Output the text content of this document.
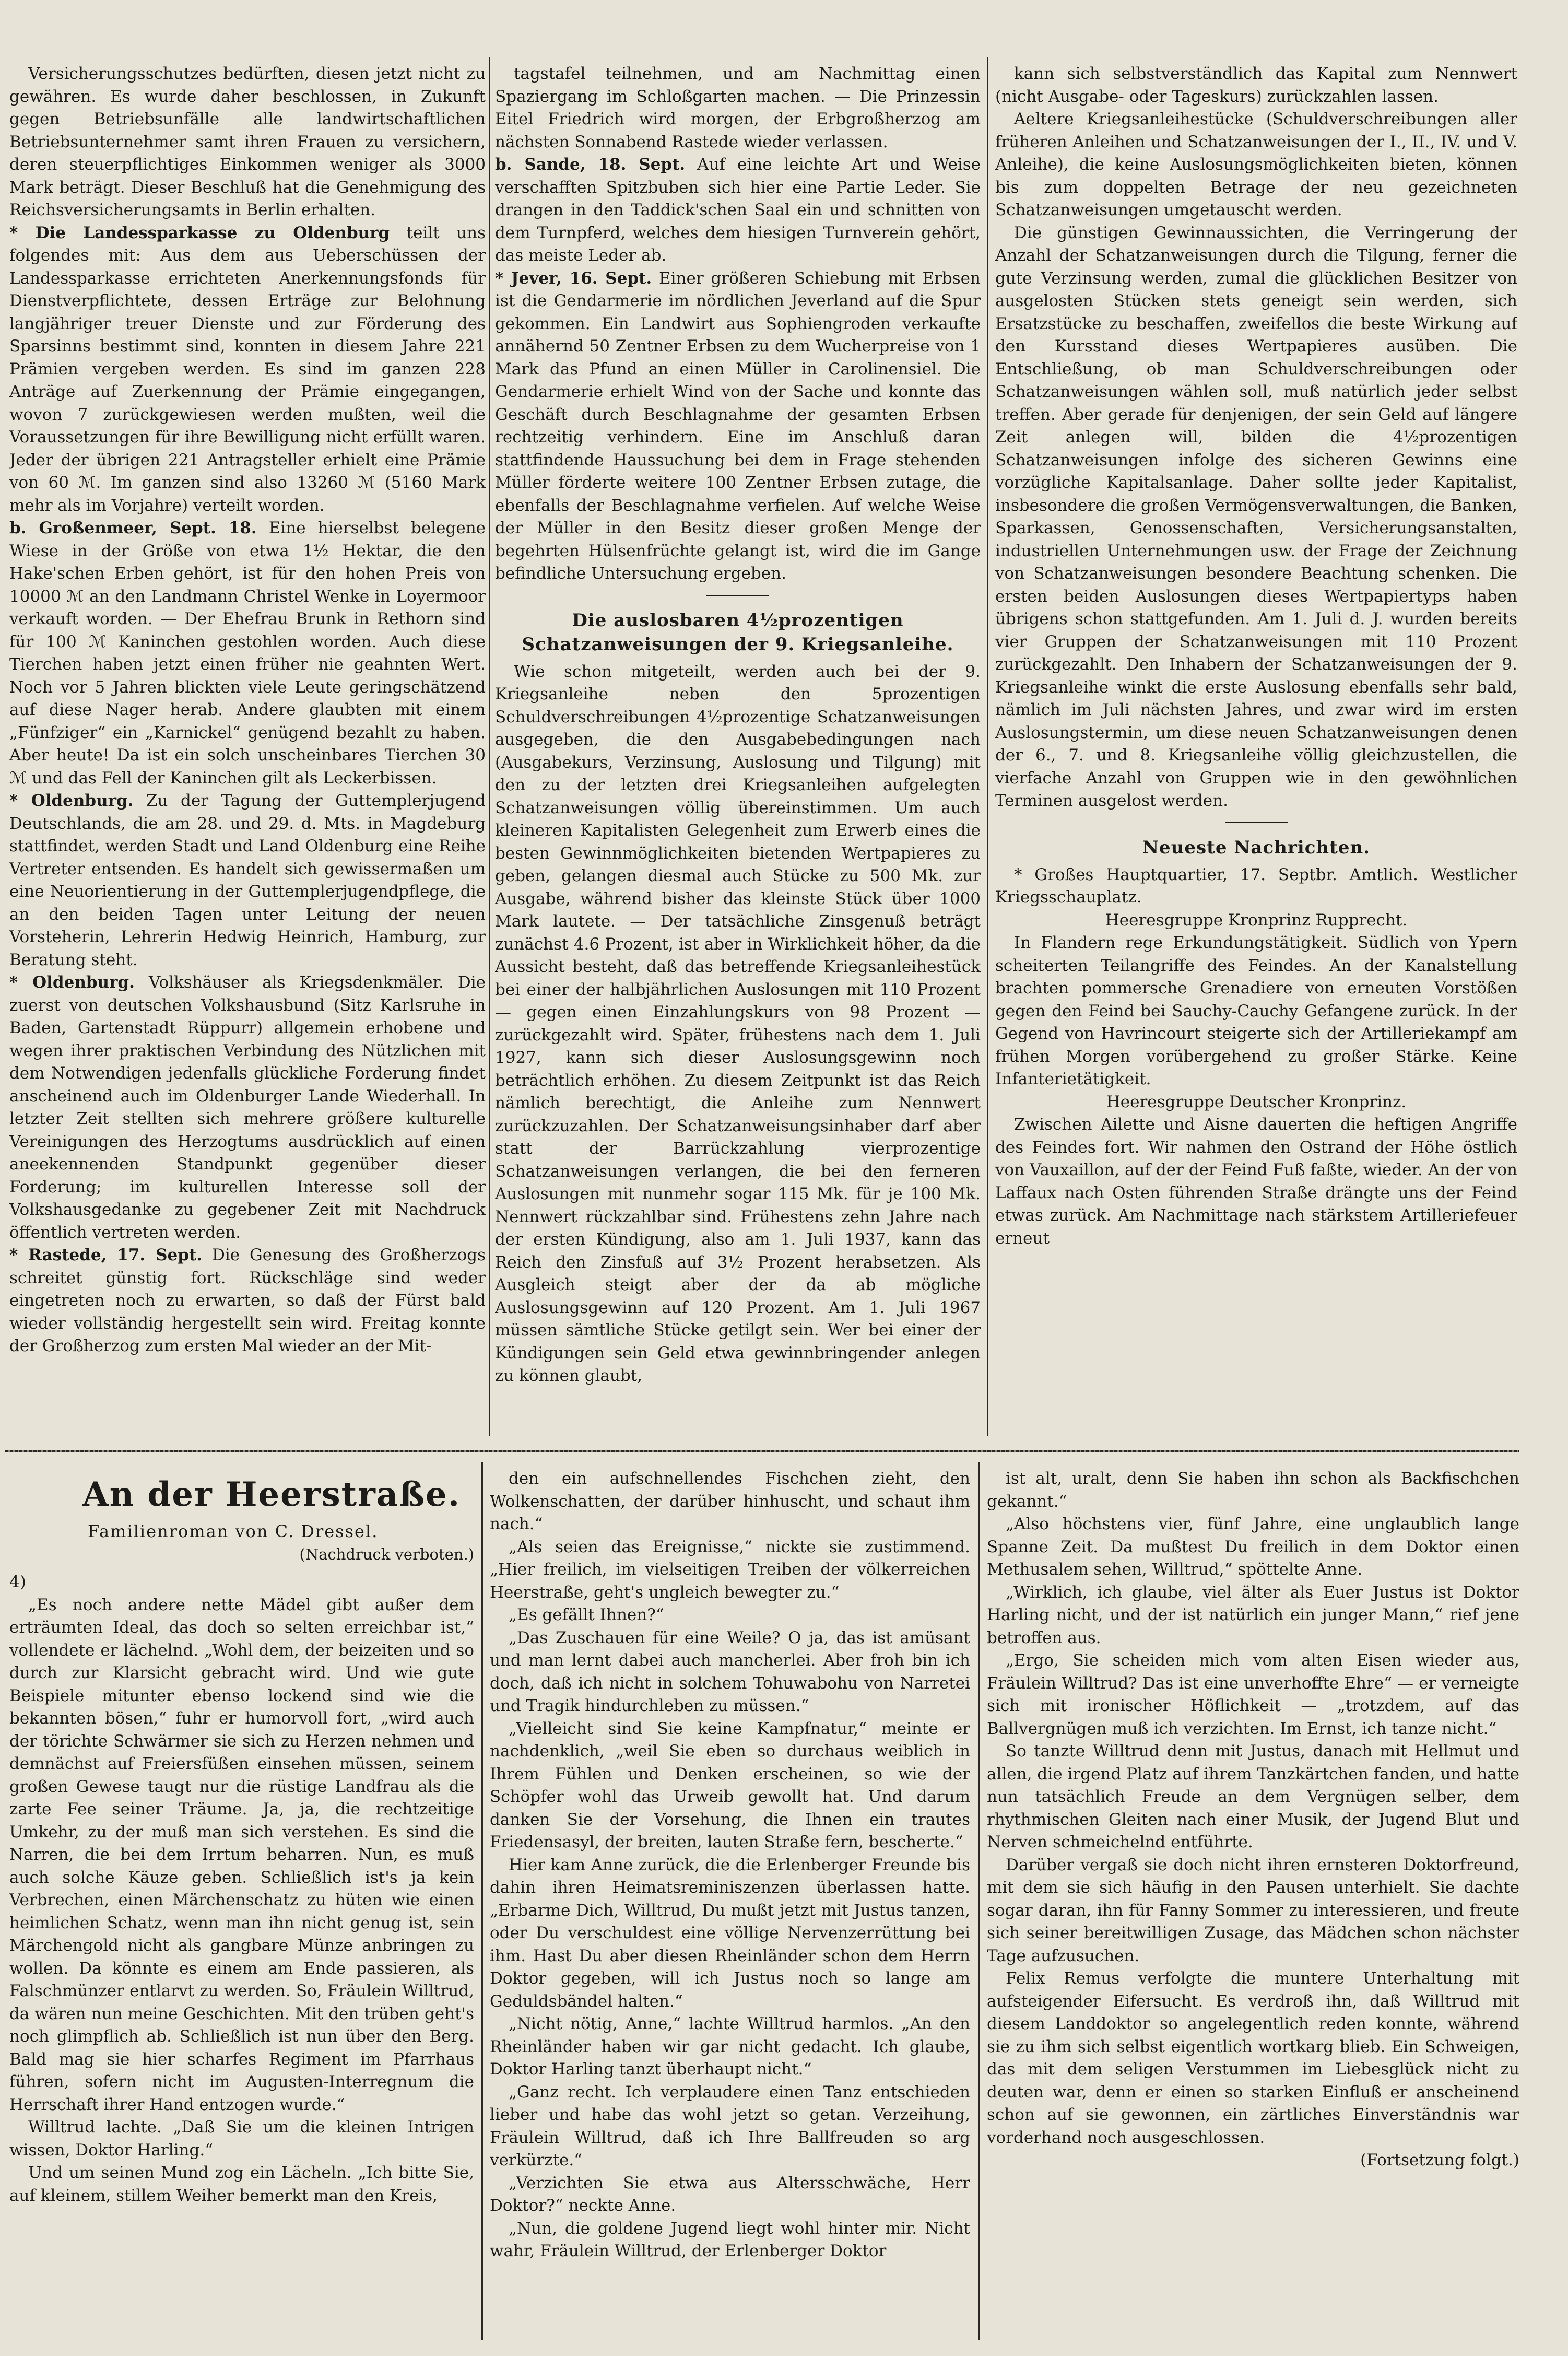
Versicherungsschutzes bedürften, diesen jetzt nicht zu gewähren. Es wurde daher beschlossen, in Zukunft gegen Betriebsunfälle alle landwirtschaftlichen Betriebsunternehmer samt ihren Frauen zu versichern, deren steuerpflichtiges Einkommen weniger als 3000 Mark beträgt. Dieser Beschluß hat die Genehmigung des Reichsversicherungsamts in Berlin erhalten.

* Die Landessparkasse zu Oldenburg teilt uns folgendes mit: Aus dem aus Ueberschüssen der Landessparkasse errichteten Anerkennungsfonds für Dienstverpflichtete, dessen Erträge zur Belohnung langjähriger treuer Dienste und zur Förderung des Sparsinns bestimmt sind, konnten in diesem Jahre 221 Prämien vergeben werden. Es sind im ganzen 228 Anträge auf Zuerkennung der Prämie eingegangen, wovon 7 zurückgewiesen werden mußten, weil die Voraussetzungen für ihre Bewilligung nicht erfüllt waren. Jeder der übrigen 221 Antragsteller erhielt eine Prämie von 60 ℳ. Im ganzen sind also 13260 ℳ (5160 Mark mehr als im Vorjahre) verteilt worden.

b. Großenmeer, Sept. 18. Eine hierselbst belegene Wiese in der Größe von etwa 1½ Hektar, die den Hake'schen Erben gehört, ist für den hohen Preis von 10000 ℳ an den Landmann Christel Wenke in Loyermoor verkauft worden. — Der Ehefrau Brunk in Rethorn sind für 100 ℳ Kaninchen gestohlen worden. Auch diese Tierchen haben jetzt einen früher nie geahnten Wert. Noch vor 5 Jahren blickten viele Leute geringschätzend auf diese Nager herab. Andere glaubten mit einem „Fünfziger“ ein „Karnickel“ genügend bezahlt zu haben. Aber heute! Da ist ein solch unscheinbares Tierchen 30 ℳ und das Fell der Kaninchen gilt als Leckerbissen.

* Oldenburg. Zu der Tagung der Guttemplerjugend Deutschlands, die am 28. und 29. d. Mts. in Magdeburg stattfindet, werden Stadt und Land Oldenburg eine Reihe Vertreter entsenden. Es handelt sich gewissermaßen um eine Neuorientierung in der Guttemplerjugendpflege, die an den beiden Tagen unter Leitung der neuen Vorsteherin, Lehrerin Hedwig Heinrich, Hamburg, zur Beratung steht.

* Oldenburg. Volkshäuser als Kriegsdenkmäler. Die zuerst von deutschen Volkshausbund (Sitz Karlsruhe in Baden, Gartenstadt Rüppurr) allgemein erhobene und wegen ihrer praktischen Verbindung des Nützlichen mit dem Notwendigen jedenfalls glückliche Forderung findet anscheinend auch im Oldenburger Lande Wiederhall. In letzter Zeit stellten sich mehrere größere kulturelle Vereinigungen des Herzogtums ausdrücklich auf einen aneekennenden Standpunkt gegenüber dieser Forderung; im kulturellen Interesse soll der Volkshausgedanke zu gegebener Zeit mit Nachdruck öffentlich vertreten werden.

* Rastede, 17. Sept. Die Genesung des Großherzogs schreitet günstig fort. Rückschläge sind weder eingetreten noch zu erwarten, so daß der Fürst bald wieder vollständig hergestellt sein wird. Freitag konnte der Großherzog zum ersten Mal wieder an der Mit-

tagstafel teilnehmen, und am Nachmittag einen Spaziergang im Schloßgarten machen. — Die Prinzessin Eitel Friedrich wird morgen, der Erbgroßherzog am nächsten Sonnabend Rastede wieder verlassen.

b. Sande, 18. Sept. Auf eine leichte Art und Weise verschafften Spitzbuben sich hier eine Partie Leder. Sie drangen in den Taddick'schen Saal ein und schnitten von dem Turnpferd, welches dem hiesigen Turnverein gehört, das meiste Leder ab.

* Jever, 16. Sept. Einer größeren Schiebung mit Erbsen ist die Gendarmerie im nördlichen Jeverland auf die Spur gekommen. Ein Landwirt aus Sophiengroden verkaufte annähernd 50 Zentner Erbsen zu dem Wucherpreise von 1 Mark das Pfund an einen Müller in Carolinensiel. Die Gendarmerie erhielt Wind von der Sache und konnte das Geschäft durch Beschlagnahme der gesamten Erbsen rechtzeitig verhindern. Eine im Anschluß daran stattfindende Haussuchung bei dem in Frage stehenden Müller förderte weitere 100 Zentner Erbsen zutage, die ebenfalls der Beschlagnahme verfielen. Auf welche Weise der Müller in den Besitz dieser großen Menge der begehrten Hülsenfrüchte gelangt ist, wird die im Gange befindliche Untersuchung ergeben.

Die auslosbaren 4½prozentigen Schatzanweisungen der 9. Kriegsanleihe.

Wie schon mitgeteilt, werden auch bei der 9. Kriegsanleihe neben den 5prozentigen Schuldverschreibungen 4½prozentige Schatzanweisungen ausgegeben, die den Ausgabebedingungen nach (Ausgabekurs, Verzinsung, Auslosung und Tilgung) mit den zu der letzten drei Kriegsanleihen aufgelegten Schatzanweisungen völlig übereinstimmen. Um auch kleineren Kapitalisten Gelegenheit zum Erwerb eines die besten Gewinnmöglichkeiten bietenden Wertpapieres zu geben, gelangen diesmal auch Stücke zu 500 Mk. zur Ausgabe, während bisher das kleinste Stück über 1000 Mark lautete. — Der tatsächliche Zinsgenuß beträgt zunächst 4.6 Prozent, ist aber in Wirklichkeit höher, da die Aussicht besteht, daß das betreffende Kriegsanleihestück bei einer der halbjährlichen Auslosungen mit 110 Prozent — gegen einen Einzahlungskurs von 98 Prozent — zurückgezahlt wird. Später, frühestens nach dem 1. Juli 1927, kann sich dieser Auslosungsgewinn noch beträchtlich erhöhen. Zu diesem Zeitpunkt ist das Reich nämlich berechtigt, die Anleihe zum Nennwert zurückzuzahlen. Der Schatzanweisungsinhaber darf aber statt der Barrückzahlung vierprozentige Schatzanweisungen verlangen, die bei den ferneren Auslosungen mit nunmehr sogar 115 Mk. für je 100 Mk. Nennwert rückzahlbar sind. Frühestens zehn Jahre nach der ersten Kündigung, also am 1. Juli 1937, kann das Reich den Zinsfuß auf 3½ Prozent herabsetzen. Als Ausgleich steigt aber der da ab mögliche Auslosungsgewinn auf 120 Prozent. Am 1. Juli 1967 müssen sämtliche Stücke getilgt sein. Wer bei einer der Kündigungen sein Geld etwa gewinnbringender anlegen zu können glaubt,

kann sich selbstverständlich das Kapital zum Nennwert (nicht Ausgabe- oder Tageskurs) zurückzahlen lassen.

Aeltere Kriegsanleihestücke (Schuldverschreibungen aller früheren Anleihen und Schatzanweisungen der I., II., IV. und V. Anleihe), die keine Auslosungsmöglichkeiten bieten, können bis zum doppelten Betrage der neu gezeichneten Schatzanweisungen umgetauscht werden.

Die günstigen Gewinnaussichten, die Verringerung der Anzahl der Schatzanweisungen durch die Tilgung, ferner die gute Verzinsung werden, zumal die glücklichen Besitzer von ausgelosten Stücken stets geneigt sein werden, sich Ersatzstücke zu beschaffen, zweifellos die beste Wirkung auf den Kursstand dieses Wertpapieres ausüben. Die Entschließung, ob man Schuldverschreibungen oder Schatzanweisungen wählen soll, muß natürlich jeder selbst treffen. Aber gerade für denjenigen, der sein Geld auf längere Zeit anlegen will, bilden die 4½prozentigen Schatzanweisungen infolge des sicheren Gewinns eine vorzügliche Kapitalsanlage. Daher sollte jeder Kapitalist, insbesondere die großen Vermögensverwaltungen, die Banken, Sparkassen, Genossenschaften, Versicherungsanstalten, industriellen Unternehmungen usw. der Frage der Zeichnung von Schatzanweisungen besondere Beachtung schenken. Die ersten beiden Auslosungen dieses Wertpapiertyps haben übrigens schon stattgefunden. Am 1. Juli d. J. wurden bereits vier Gruppen der Schatzanweisungen mit 110 Prozent zurückgezahlt. Den Inhabern der Schatzanweisungen der 9. Kriegsanleihe winkt die erste Auslosung ebenfalls sehr bald, nämlich im Juli nächsten Jahres, und zwar wird im ersten Auslosungstermin, um diese neuen Schatzanweisungen denen der 6., 7. und 8. Kriegsanleihe völlig gleichzustellen, die vierfache Anzahl von Gruppen wie in den gewöhnlichen Terminen ausgelost werden.

Neueste Nachrichten.

* Großes Hauptquartier, 17. Septbr. Amtlich. Westlicher Kriegsschauplatz.

Heeresgruppe Kronprinz Rupprecht.

In Flandern rege Erkundungstätigkeit. Südlich von Ypern scheiterten Teilangriffe des Feindes. An der Kanalstellung brachten pommersche Grenadiere von erneuten Vorstößen gegen den Feind bei Sauchy-Cauchy Gefangene zurück. In der Gegend von Havrincourt steigerte sich der Artilleriekampf am frühen Morgen vorübergehend zu großer Stärke. Keine Infanterietätigkeit.

Heeresgruppe Deutscher Kronprinz.

Zwischen Ailette und Aisne dauerten die heftigen Angriffe des Feindes fort. Wir nahmen den Ostrand der Höhe östlich von Vauxaillon, auf der der Feind Fuß faßte, wieder. An der von Laffaux nach Osten führenden Straße drängte uns der Feind etwas zurück. Am Nachmittage nach stärkstem Artilleriefeuer erneut

An der Heerstraße.
Familienroman von C. Dressel.
(Nachdruck verboten.)
4)

„Es noch andere nette Mädel gibt außer dem erträumten Ideal, das doch so selten erreichbar ist,“ vollendete er lächelnd. „Wohl dem, der beizeiten und so durch zur Klarsicht gebracht wird. Und wie gute Beispiele mitunter ebenso lockend sind wie die bekannten bösen,“ fuhr er humorvoll fort, „wird auch der törichte Schwärmer sie sich zu Herzen nehmen und demnächst auf Freiersfüßen einsehen müssen, seinem großen Gewese taugt nur die rüstige Landfrau als die zarte Fee seiner Träume. Ja, ja, die rechtzeitige Umkehr, zu der muß man sich verstehen. Es sind die Narren, die bei dem Irrtum beharren. Nun, es muß auch solche Käuze geben. Schließlich ist's ja kein Verbrechen, einen Märchenschatz zu hüten wie einen heimlichen Schatz, wenn man ihn nicht genug ist, sein Märchengold nicht als gangbare Münze anbringen zu wollen. Da könnte es einem am Ende passieren, als Falschmünzer entlarvt zu werden. So, Fräulein Willtrud, da wären nun meine Geschichten. Mit den trüben geht's noch glimpflich ab. Schließlich ist nun über den Berg. Bald mag sie hier scharfes Regiment im Pfarrhaus führen, sofern nicht im Augusten-Interregnum die Herrschaft ihrer Hand entzogen wurde.“

Willtrud lachte. „Daß Sie um die kleinen Intrigen wissen, Doktor Harling.“

Und um seinen Mund zog ein Lächeln. „Ich bitte Sie, auf kleinem, stillem Weiher bemerkt man den Kreis,

den ein aufschnellendes Fischchen zieht, den Wolkenschatten, der darüber hinhuscht, und schaut ihm nach.“

„Als seien das Ereignisse,“ nickte sie zustimmend. „Hier freilich, im vielseitigen Treiben der völkerreichen Heerstraße, geht's ungleich bewegter zu.“

„Es gefällt Ihnen?“

„Das Zuschauen für eine Weile? O ja, das ist amüsant und man lernt dabei auch mancherlei. Aber froh bin ich doch, daß ich nicht in solchem Tohuwabohu von Narretei und Tragik hindurchleben zu müssen.“

„Vielleicht sind Sie keine Kampfnatur,“ meinte er nachdenklich, „weil Sie eben so durchaus weiblich in Ihrem Fühlen und Denken erscheinen, so wie der Schöpfer wohl das Urweib gewollt hat. Und darum danken Sie der Vorsehung, die Ihnen ein trautes Friedensasyl, der breiten, lauten Straße fern, bescherte.“

Hier kam Anne zurück, die die Erlenberger Freunde bis dahin ihren Heimatsreminiszenzen überlassen hatte. „Erbarme Dich, Willtrud, Du mußt jetzt mit Justus tanzen, oder Du verschuldest eine völlige Nervenzerrüttung bei ihm. Hast Du aber diesen Rheinländer schon dem Herrn Doktor gegeben, will ich Justus noch so lange am Geduldsbändel halten.“

„Nicht nötig, Anne,“ lachte Willtrud harmlos. „An den Rheinländer haben wir gar nicht gedacht. Ich glaube, Doktor Harling tanzt überhaupt nicht.“

„Ganz recht. Ich verplaudere einen Tanz entschieden lieber und habe das wohl jetzt so getan. Verzeihung, Fräulein Willtrud, daß ich Ihre Ballfreuden so arg verkürzte.“

„Verzichten Sie etwa aus Altersschwäche, Herr Doktor?“ neckte Anne.

„Nun, die goldene Jugend liegt wohl hinter mir. Nicht wahr, Fräulein Willtrud, der Erlenberger Doktor

ist alt, uralt, denn Sie haben ihn schon als Backfischchen gekannt.“

„Also höchstens vier, fünf Jahre, eine unglaublich lange Spanne Zeit. Da mußtest Du freilich in dem Doktor einen Methusalem sehen, Willtrud,“ spöttelte Anne.

„Wirklich, ich glaube, viel älter als Euer Justus ist Doktor Harling nicht, und der ist natürlich ein junger Mann,“ rief jene betroffen aus.

„Ergo, Sie scheiden mich vom alten Eisen wieder aus, Fräulein Willtrud? Das ist eine unverhoffte Ehre“ — er verneigte sich mit ironischer Höflichkeit — „trotzdem, auf das Ballvergnügen muß ich verzichten. Im Ernst, ich tanze nicht.“

So tanzte Willtrud denn mit Justus, danach mit Hellmut und allen, die irgend Platz auf ihrem Tanzkärtchen fanden, und hatte nun tatsächlich Freude an dem Vergnügen selber, dem rhythmischen Gleiten nach einer Musik, der Jugend Blut und Nerven schmeichelnd entführte.

Darüber vergaß sie doch nicht ihren ernsteren Doktorfreund, mit dem sie sich häufig in den Pausen unterhielt. Sie dachte sogar daran, ihn für Fanny Sommer zu interessieren, und freute sich seiner bereitwilligen Zusage, das Mädchen schon nächster Tage aufzusuchen.

Felix Remus verfolgte die muntere Unterhaltung mit aufsteigender Eifersucht. Es verdroß ihn, daß Willtrud mit diesem Landdoktor so angelegentlich reden konnte, während sie zu ihm sich selbst eigentlich wortkarg blieb. Ein Schweigen, das mit dem seligen Verstummen im Liebesglück nicht zu deuten war, denn er einen so starken Einfluß er anscheinend schon auf sie gewonnen, ein zärtliches Einverständnis war vorderhand noch ausgeschlossen.

(Fortsetzung folgt.)
